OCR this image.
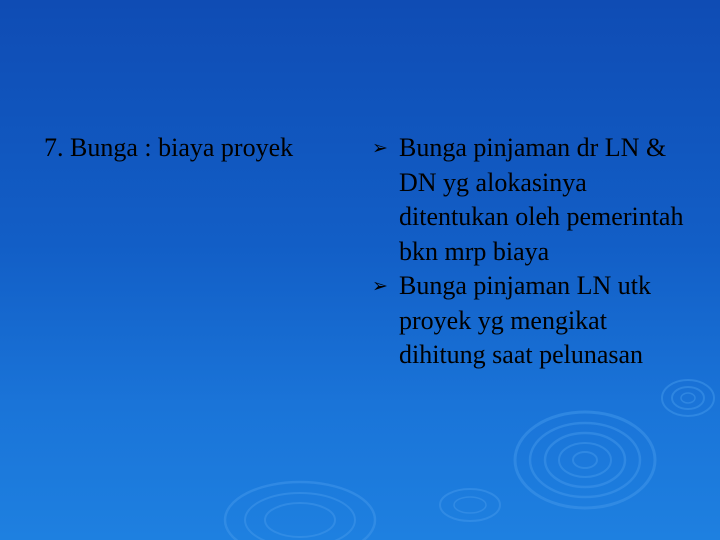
7. Bunga : biaya proyek	➢ Bunga pinjaman dr LN & DN yg alokasinya ditentukan oleh pemerintah bkn mrp biaya
➢ Bunga pinjaman LN utk proyek yg mengikat dihitung saat pelunasan
